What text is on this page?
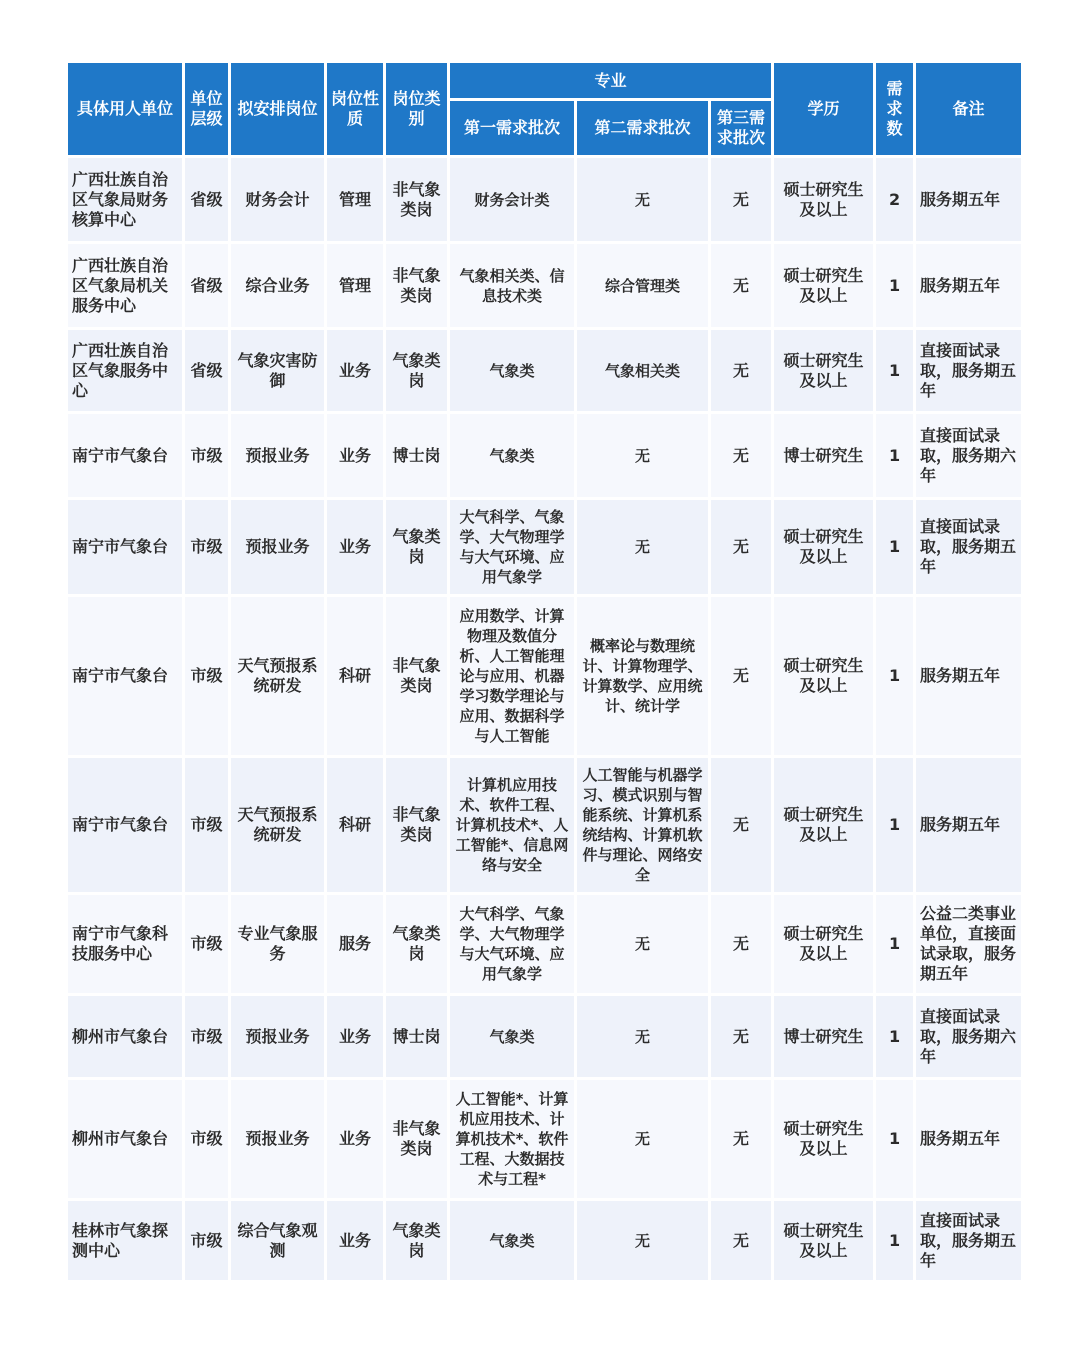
具体用人单位	单位层级	拟安排岗位	岗位性质	岗位类别	专业			学历	需求数	备注
					第一需求批次	第二需求批次	第三需求批次			
广西壮族自治区气象局财务核算中心	省级	财务会计	管理	非气象类岗	财务会计类	无	无	硕士研究生及以上	2	服务期五年
广西壮族自治区气象局机关服务中心	省级	综合业务	管理	非气象类岗	气象相关类、信息技术类	综合管理类	无	硕士研究生及以上	1	服务期五年
广西壮族自治区气象服务中心	省级	气象灾害防御	业务	气象类岗	气象类	气象相关类	无	硕士研究生及以上	1	直接面试录取，服务期五年
南宁市气象台	市级	预报业务	业务	博士岗	气象类	无	无	博士研究生	1	直接面试录取，服务期六年
南宁市气象台	市级	预报业务	业务	气象类岗	大气科学、气象学、大气物理学与大气环境、应用气象学	无	无	硕士研究生及以上	1	直接面试录取，服务期五年
南宁市气象台	市级	天气预报系统研发	科研	非气象类岗	应用数学、计算物理及数值分析、人工智能理论与应用、机器学习数学理论与应用、数据科学与人工智能	概率论与数理统计、计算物理学、计算数学、应用统计、统计学	无	硕士研究生及以上	1	服务期五年
南宁市气象台	市级	天气预报系统研发	科研	非气象类岗	计算机应用技术、软件工程、计算机技术*、人工智能*、信息网络与安全	人工智能与机器学习、模式识别与智能系统、计算机系统结构、计算机软件与理论、网络安全	无	硕士研究生及以上	1	服务期五年
南宁市气象科技服务中心	市级	专业气象服务	服务	气象类岗	大气科学、气象学、大气物理学与大气环境、应用气象学	无	无	硕士研究生及以上	1	公益二类事业单位，直接面试录取，服务期五年
柳州市气象台	市级	预报业务	业务	博士岗	气象类	无	无	博士研究生	1	直接面试录取，服务期六年
柳州市气象台	市级	预报业务	业务	非气象类岗	人工智能*、计算机应用技术、计算机技术*、软件工程、大数据技术与工程*	无	无	硕士研究生及以上	1	服务期五年
桂林市气象探测中心	市级	综合气象观测	业务	气象类岗	气象类	无	无	硕士研究生及以上	1	直接面试录取，服务期五年
